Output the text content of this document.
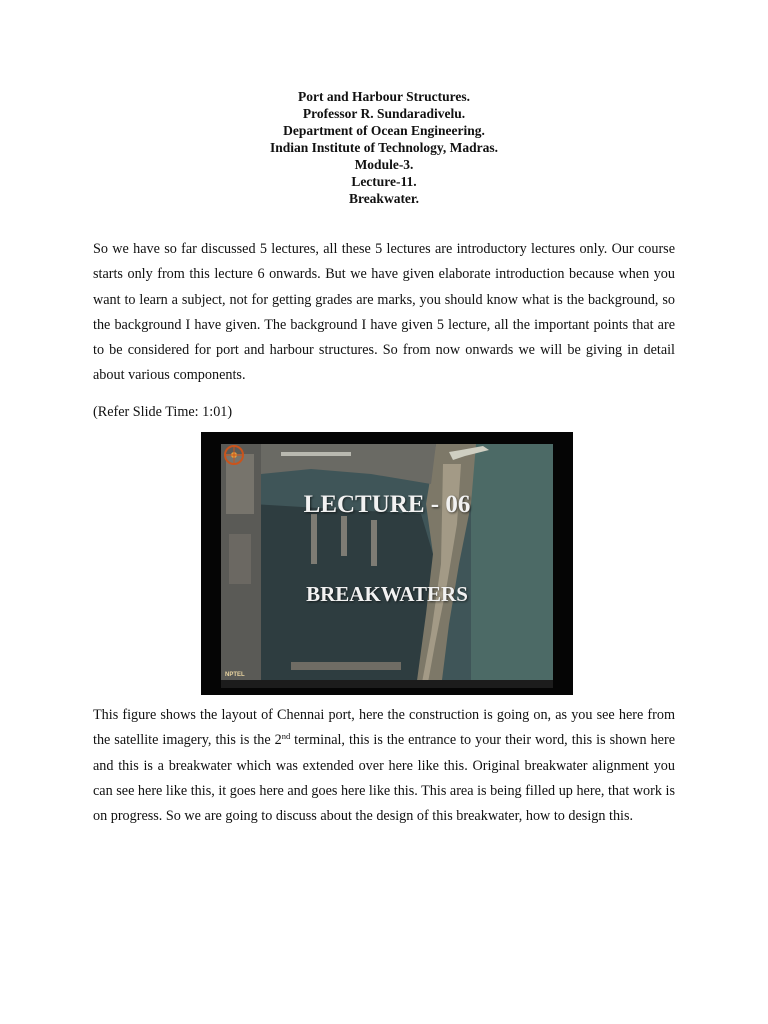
Port and Harbour Structures.
Professor R. Sundaradivelu.
Department of Ocean Engineering.
Indian Institute of Technology, Madras.
Module-3.
Lecture-11.
Breakwater.

So we have so far discussed 5 lectures, all these 5 lectures are introductory lectures only. Our course starts only from this lecture 6 onwards. But we have given elaborate introduction because when you want to learn a subject, not for getting grades are marks, you should know what is the background, so the background I have given. The background I have given 5 lecture, all the important points that are to be considered for port and harbour structures. So from now onwards we will be giving in detail about various components.

(Refer Slide Time: 1:01)
LECTURE - 06
BREAKWATERS
NPTEL

This figure shows the layout of Chennai port, here the construction is going on, as you see here from the satellite imagery, this is the 2nd terminal, this is the entrance to your their word, this is shown here and this is a breakwater which was extended over here like this. Original breakwater alignment you can see here like this, it goes here and goes here like this. This area is being filled up here, that work is on progress. So we are going to discuss about the design of this breakwater, how to design this.
